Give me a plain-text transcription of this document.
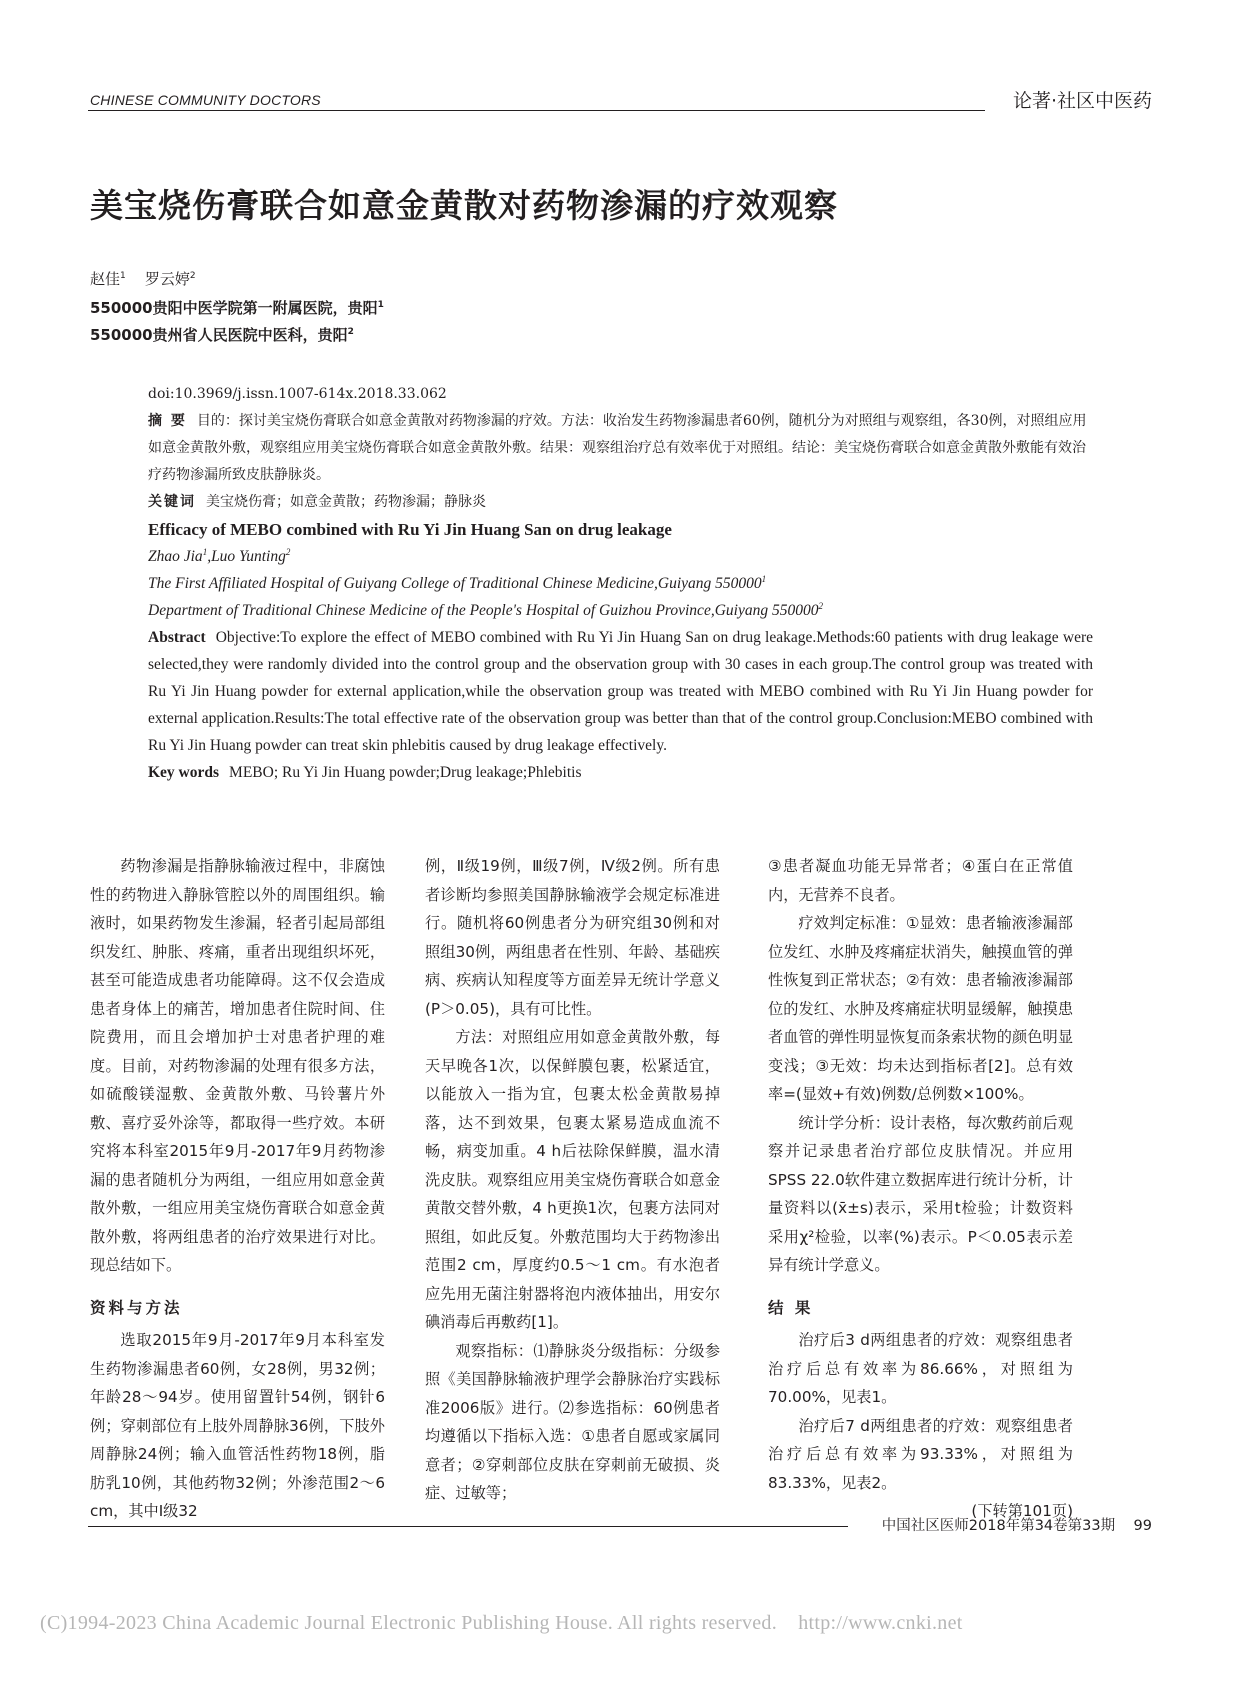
CHINESE COMMUNITY DOCTORS	论著·社区中医药
美宝烧伤膏联合如意金黄散对药物渗漏的疗效观察
赵佳$^1$ 罗云婷$^2$
550000贵阳中医学院第一附属医院，贵阳$^1$
550000贵州省人民医院中医科，贵阳$^2$

doi:10.3969/j.issn.1007-614x.2018.33.062

摘 要 目的：探讨美宝烧伤膏联合如意金黄散对药物渗漏的疗效。方法：收治发生药物渗漏患者60例，随机分为对照组与观察组，各30例，对照组应用如意金黄散外敷，观察组应用美宝烧伤膏联合如意金黄散外敷。结果：观察组治疗总有效率优于对照组。结论：美宝烧伤膏联合如意金黄散外敷能有效治疗药物渗漏所致皮肤静脉炎。

关键词 美宝烧伤膏；如意金黄散；药物渗漏；静脉炎

Efficacy of MEBO combined with Ru Yi Jin Huang San on drug leakage

Zhao Jia$^1$,Luo Yunting$^2$

The First Affiliated Hospital of Guiyang College of Traditional Chinese Medicine,Guiyang 550000$^1$

Department of Traditional Chinese Medicine of the People's Hospital of Guizhou Province,Guiyang 550000$^2$

Abstract Objective:To explore the effect of MEBO combined with Ru Yi Jin Huang San on drug leakage.Methods:60 patients with drug leakage were selected,they were randomly divided into the control group and the observation group with 30 cases in each group.The control group was treated with Ru Yi Jin Huang powder for external application,while the observation group was treated with MEBO combined with Ru Yi Jin Huang powder for external application.Results:The total effective rate of the observation group was better than that of the control group.Conclusion:MEBO combined with Ru Yi Jin Huang powder can treat skin phlebitis caused by drug leakage effectively.

Key words MEBO; Ru Yi Jin Huang powder;Drug leakage;Phlebitis

药物渗漏是指静脉输液过程中，非腐蚀性的药物进入静脉管腔以外的周围组织。输液时，如果药物发生渗漏，轻者引起局部组织发红、肿胀、疼痛，重者出现组织坏死，甚至可能造成患者功能障碍。这不仅会造成患者身体上的痛苦，增加患者住院时间、住院费用，而且会增加护士对患者护理的难度。目前，对药物渗漏的处理有很多方法，如硫酸镁湿敷、金黄散外敷、马铃薯片外敷、喜疗妥外涂等，都取得一些疗效。本研究将本科室2015年9月-2017年9月药物渗漏的患者随机分为两组，一组应用如意金黄散外敷，一组应用美宝烧伤膏联合如意金黄散外敷，将两组患者的治疗效果进行对比。现总结如下。

资料与方法

选取2015年9月-2017年9月本科室发生药物渗漏患者60例，女28例，男32例；年龄28～94岁。使用留置针54例，钢针6例；穿刺部位有上肢外周静脉36例，下肢外周静脉24例；输入血管活性药物18例，脂肪乳10例，其他药物32例；外渗范围2～6 cm，其中Ⅰ级32

例，Ⅱ级19例，Ⅲ级7例，Ⅳ级2例。所有患者诊断均参照美国静脉输液学会规定标准进行。随机将60例患者分为研究组30例和对照组30例，两组患者在性别、年龄、基础疾病、疾病认知程度等方面差异无统计学意义(P＞0.05)，具有可比性。

方法：对照组应用如意金黄散外敷，每天早晚各1次，以保鲜膜包裹，松紧适宜，以能放入一指为宜，包裹太松金黄散易掉落，达不到效果，包裹太紧易造成血流不畅，病变加重。4 h后祛除保鲜膜，温水清洗皮肤。观察组应用美宝烧伤膏联合如意金黄散交替外敷，4 h更换1次，包裹方法同对照组，如此反复。外敷范围均大于药物渗出范围2 cm，厚度约0.5～1 cm。有水泡者应先用无菌注射器将泡内液体抽出，用安尔碘消毒后再敷药[1]。

观察指标：⑴静脉炎分级指标：分级参照《美国静脉输液护理学会静脉治疗实践标准2006版》进行。⑵参选指标：60例患者均遵循以下指标入选：①患者自愿或家属同意者；②穿刺部位皮肤在穿刺前无破损、炎症、过敏等；

③患者凝血功能无异常者；④蛋白在正常值内，无营养不良者。

疗效判定标准：①显效：患者输液渗漏部位发红、水肿及疼痛症状消失，触摸血管的弹性恢复到正常状态；②有效：患者输液渗漏部位的发红、水肿及疼痛症状明显缓解，触摸患者血管的弹性明显恢复而条索状物的颜色明显变浅；③无效：均未达到指标者[2]。总有效率=(显效+有效)例数/总例数×100%。

统计学分析：设计表格，每次敷药前后观察并记录患者治疗部位皮肤情况。并应用SPSS 22.0软件建立数据库进行统计分析，计量资料以(x̄±s)表示，采用t检验；计数资料采用χ²检验，以率(%)表示。P＜0.05表示差异有统计学意义。

结 果

治疗后3 d两组患者的疗效：观察组患者治疗后总有效率为86.66%，对照组为70.00%，见表1。

治疗后7 d两组患者的疗效：观察组患者治疗后总有效率为93.33%，对照组为83.33%，见表2。

(下转第101页)

中国社区医师2018年第34卷第33期 99
(C)1994-2023 China Academic Journal Electronic Publishing House. All rights reserved.    http://www.cnki.net
